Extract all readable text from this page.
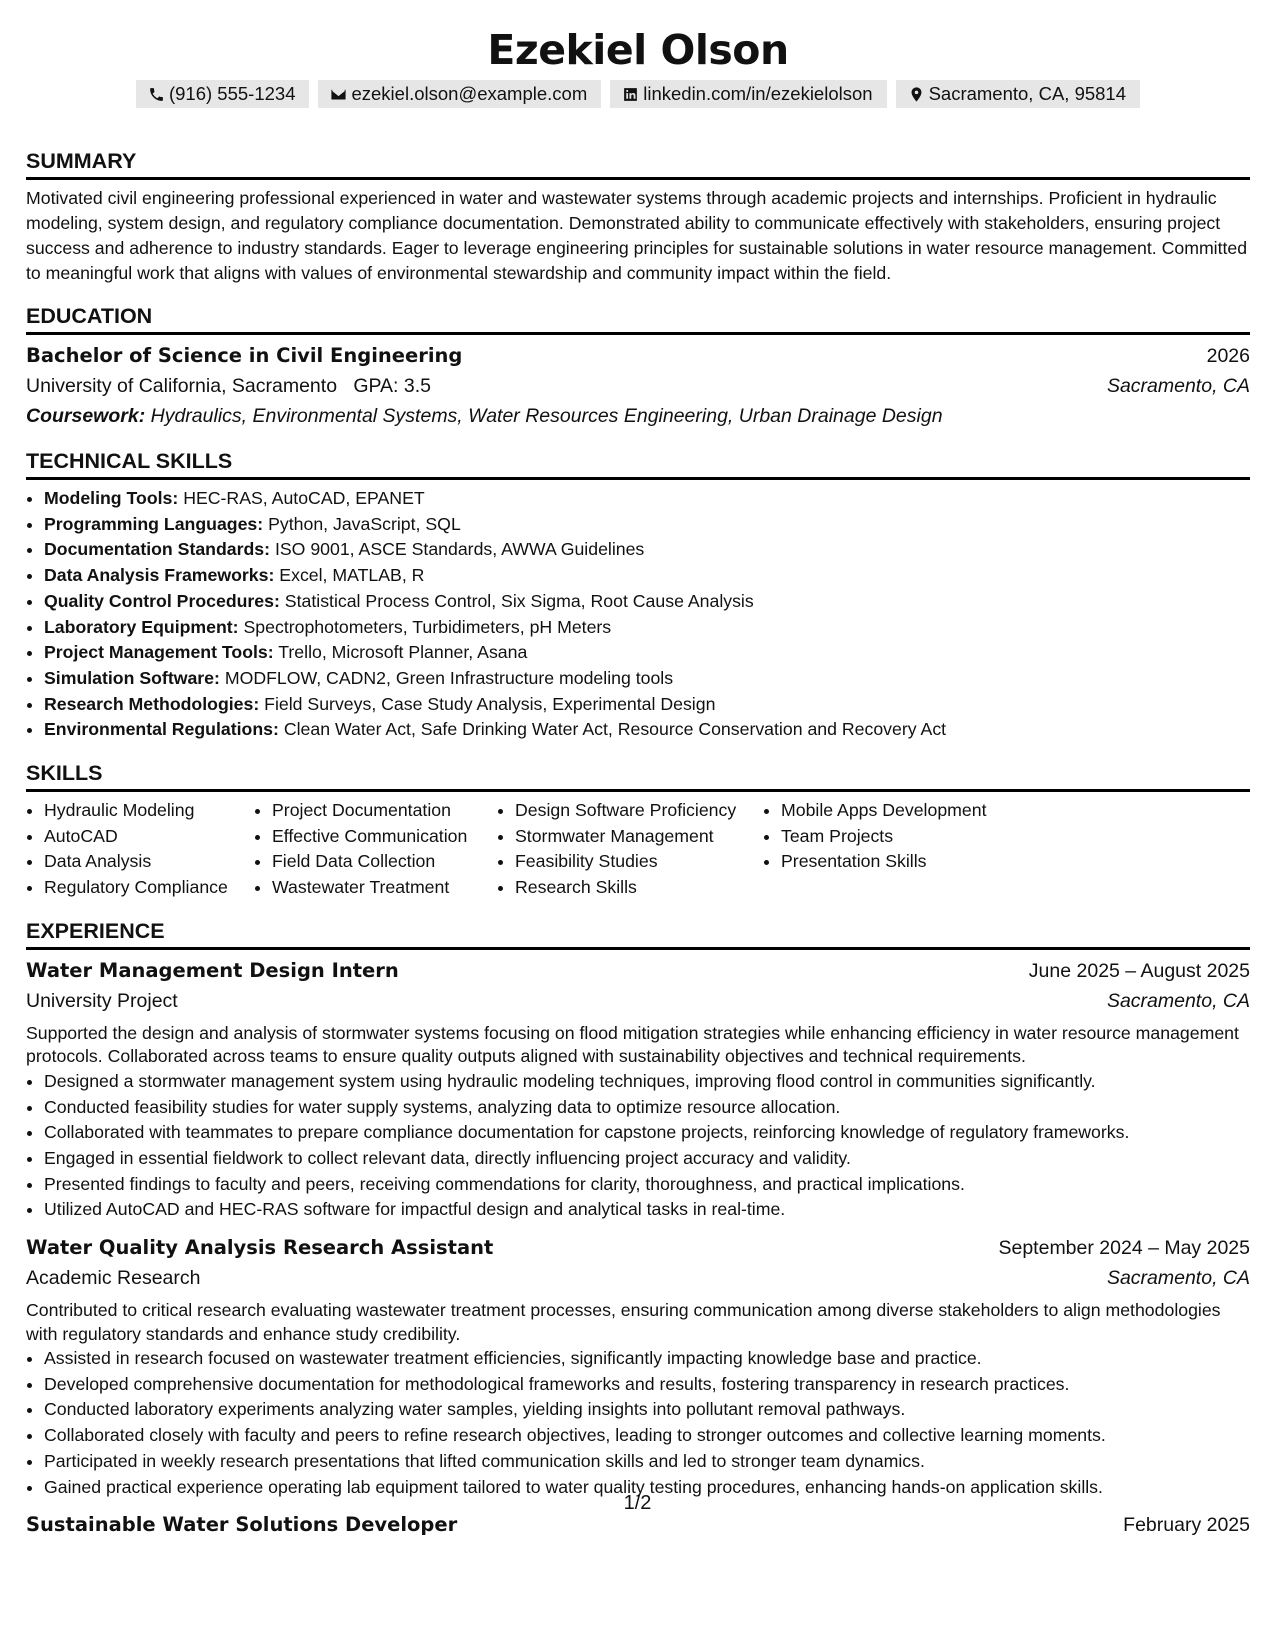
Ezekiel Olson
(916) 555-1234	ezekiel.olson@example.com	linkedin.com/in/ezekielolson	Sacramento, CA, 95814
SUMMARY

Motivated civil engineering professional experienced in water and wastewater systems through academic projects and internships. Proficient in hydraulic modeling, system design, and regulatory compliance documentation. Demonstrated ability to communicate effectively with stakeholders, ensuring project success and adherence to industry standards. Eager to leverage engineering principles for sustainable solutions in water resource management. Committed to meaningful work that aligns with values of environmental stewardship and community impact within the field.

EDUCATION
Bachelor of Science in Civil Engineering	2026
University of California, Sacramento GPA: 3.5	Sacramento, CA
Coursework: Hydraulics, Environmental Systems, Water Resources Engineering, Urban Drainage Design
TECHNICAL SKILLS
• Modeling Tools: HEC-RAS, AutoCAD, EPANET
• Programming Languages: Python, JavaScript, SQL
• Documentation Standards: ISO 9001, ASCE Standards, AWWA Guidelines
• Data Analysis Frameworks: Excel, MATLAB, R
• Quality Control Procedures: Statistical Process Control, Six Sigma, Root Cause Analysis
• Laboratory Equipment: Spectrophotometers, Turbidimeters, pH Meters
• Project Management Tools: Trello, Microsoft Planner, Asana
• Simulation Software: MODFLOW, CADN2, Green Infrastructure modeling tools
• Research Methodologies: Field Surveys, Case Study Analysis, Experimental Design
• Environmental Regulations: Clean Water Act, Safe Drinking Water Act, Resource Conservation and Recovery Act
SKILLS
• Hydraulic Modeling
• AutoCAD
• Data Analysis
• Regulatory Compliance
• Project Documentation
• Effective Communication
• Field Data Collection
• Wastewater Treatment
• Design Software Proficiency
• Stormwater Management
• Feasibility Studies
• Research Skills
• Mobile Apps Development
• Team Projects
• Presentation Skills
EXPERIENCE
Water Management Design Intern	June 2025 – August 2025
University Project	Sacramento, CA

Supported the design and analysis of stormwater systems focusing on flood mitigation strategies while enhancing efficiency in water resource management protocols. Collaborated across teams to ensure quality outputs aligned with sustainability objectives and technical requirements.

• Designed a stormwater management system using hydraulic modeling techniques, improving flood control in communities significantly.
• Conducted feasibility studies for water supply systems, analyzing data to optimize resource allocation.
• Collaborated with teammates to prepare compliance documentation for capstone projects, reinforcing knowledge of regulatory frameworks.
• Engaged in essential fieldwork to collect relevant data, directly influencing project accuracy and validity.
• Presented findings to faculty and peers, receiving commendations for clarity, thoroughness, and practical implications.
• Utilized AutoCAD and HEC-RAS software for impactful design and analytical tasks in real-time.
Water Quality Analysis Research Assistant	September 2024 – May 2025
Academic Research	Sacramento, CA

Contributed to critical research evaluating wastewater treatment processes, ensuring communication among diverse stakeholders to align methodologies with regulatory standards and enhance study credibility.

• Assisted in research focused on wastewater treatment efficiencies, significantly impacting knowledge base and practice.
• Developed comprehensive documentation for methodological frameworks and results, fostering transparency in research practices.
• Conducted laboratory experiments analyzing water samples, yielding insights into pollutant removal pathways.
• Collaborated closely with faculty and peers to refine research objectives, leading to stronger outcomes and collective learning moments.
• Participated in weekly research presentations that lifted communication skills and led to stronger team dynamics.
• Gained practical experience operating lab equipment tailored to water quality testing procedures, enhancing hands-on application skills.
Sustainable Water Solutions Developer	February 2025
1/2
